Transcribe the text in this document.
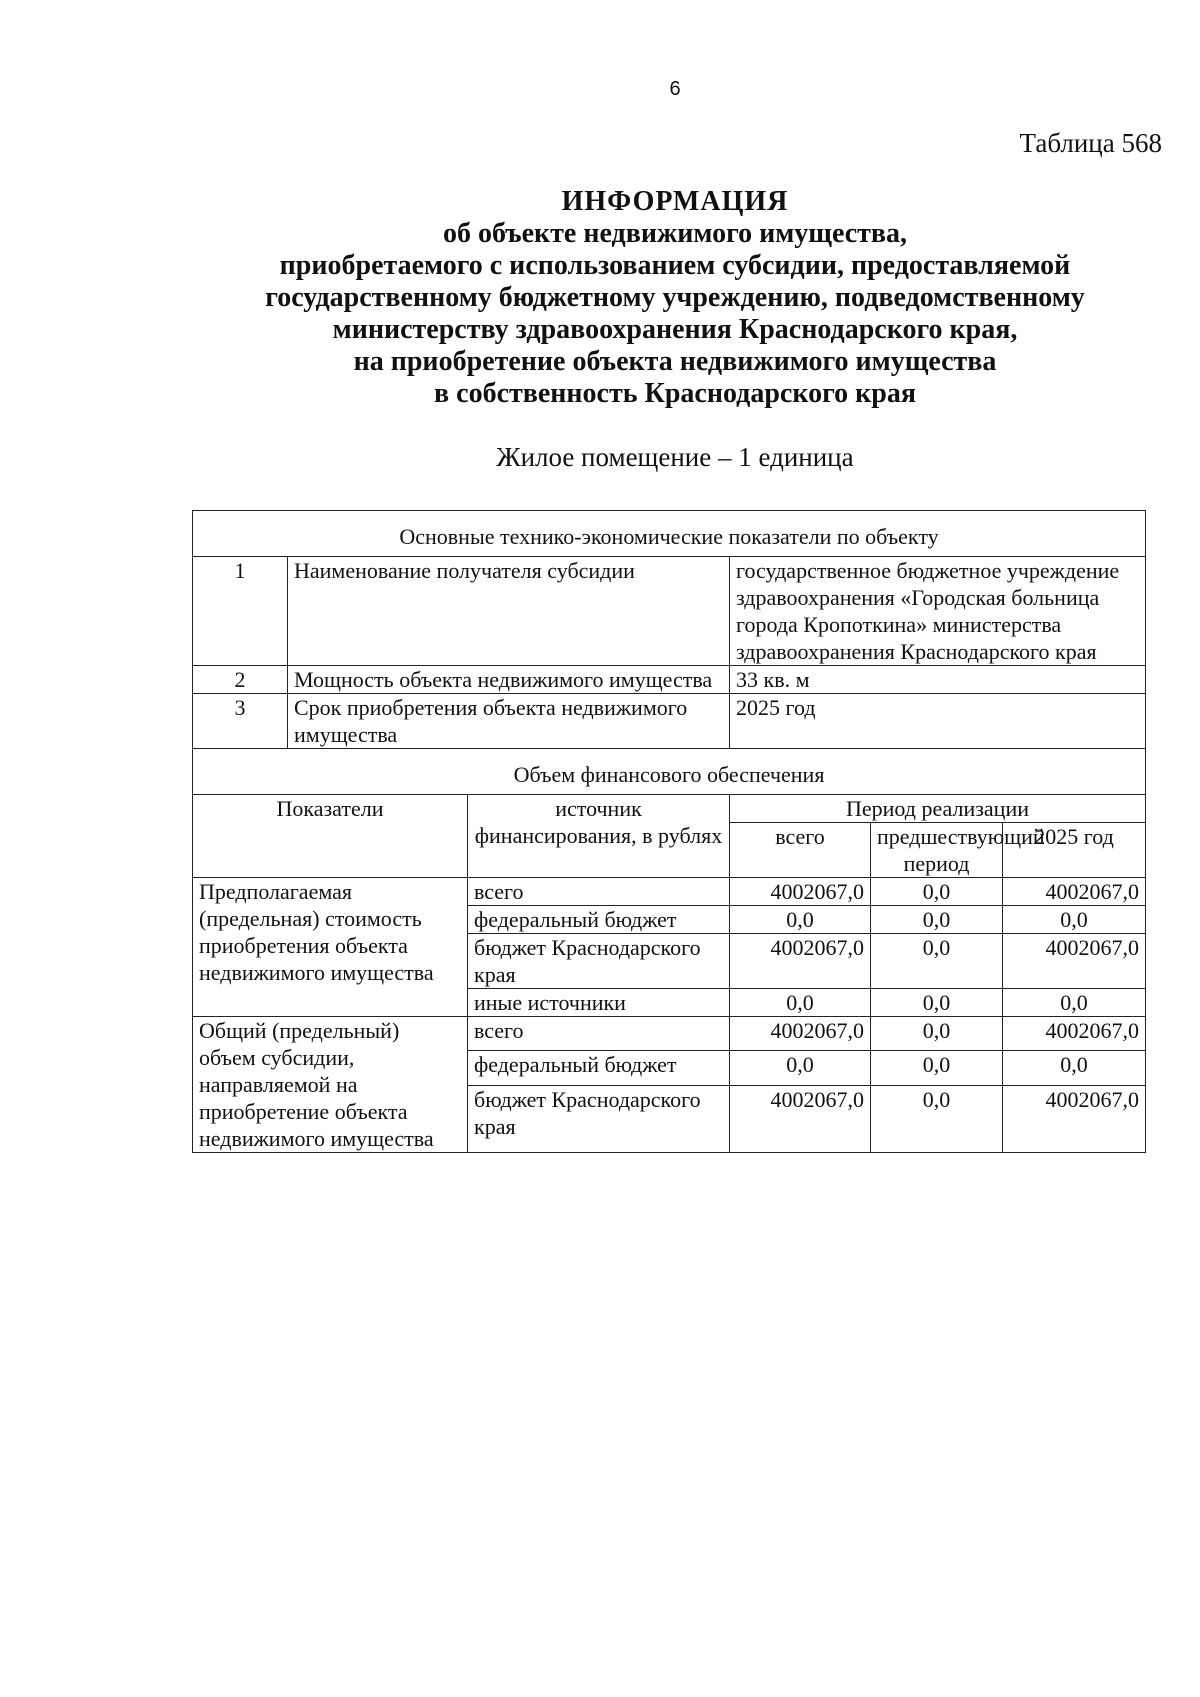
6
Таблица 568
ИНФОРМАЦИЯ
об объекте недвижимого имущества,
приобретаемого с использованием субсидии, предоставляемой
государственному бюджетному учреждению, подведомственному
министерству здравоохранения Краснодарского края,
на приобретение объекта недвижимого имущества
в собственность Краснодарского края
Жилое помещение – 1 единица
Основные технико-экономические показатели по объекту					
1	Наименование получателя субсидии		государственное бюджетное учреждение здравоохранения «Городская больница города Кропоткина» министерства здравоохранения Краснодарского края		
2	Мощность объекта недвижимого имущества		33 кв. м		
3	Срок приобретения объекта недвижимого имущества		2025 год		
Объем финансового обеспечения					
Показатели		источник финансирования, в рублях	Период реализации		
			всего	предшествующий период	2025 год
Предполагаемая (предельная) стоимость приобретения объекта недвижимого имущества		всего	4002067,0	0,0	4002067,0
		федеральный бюджет	0,0	0,0	0,0
		бюджет Краснодарского края	4002067,0	0,0	4002067,0
		иные источники	0,0	0,0	0,0
Общий (предельный) объем субсидии, направляемой на приобретение объекта недвижимого имущества		всего	4002067,0	0,0	4002067,0
		федеральный бюджет	0,0	0,0	0,0
		бюджет Краснодарского края	4002067,0	0,0	4002067,0
